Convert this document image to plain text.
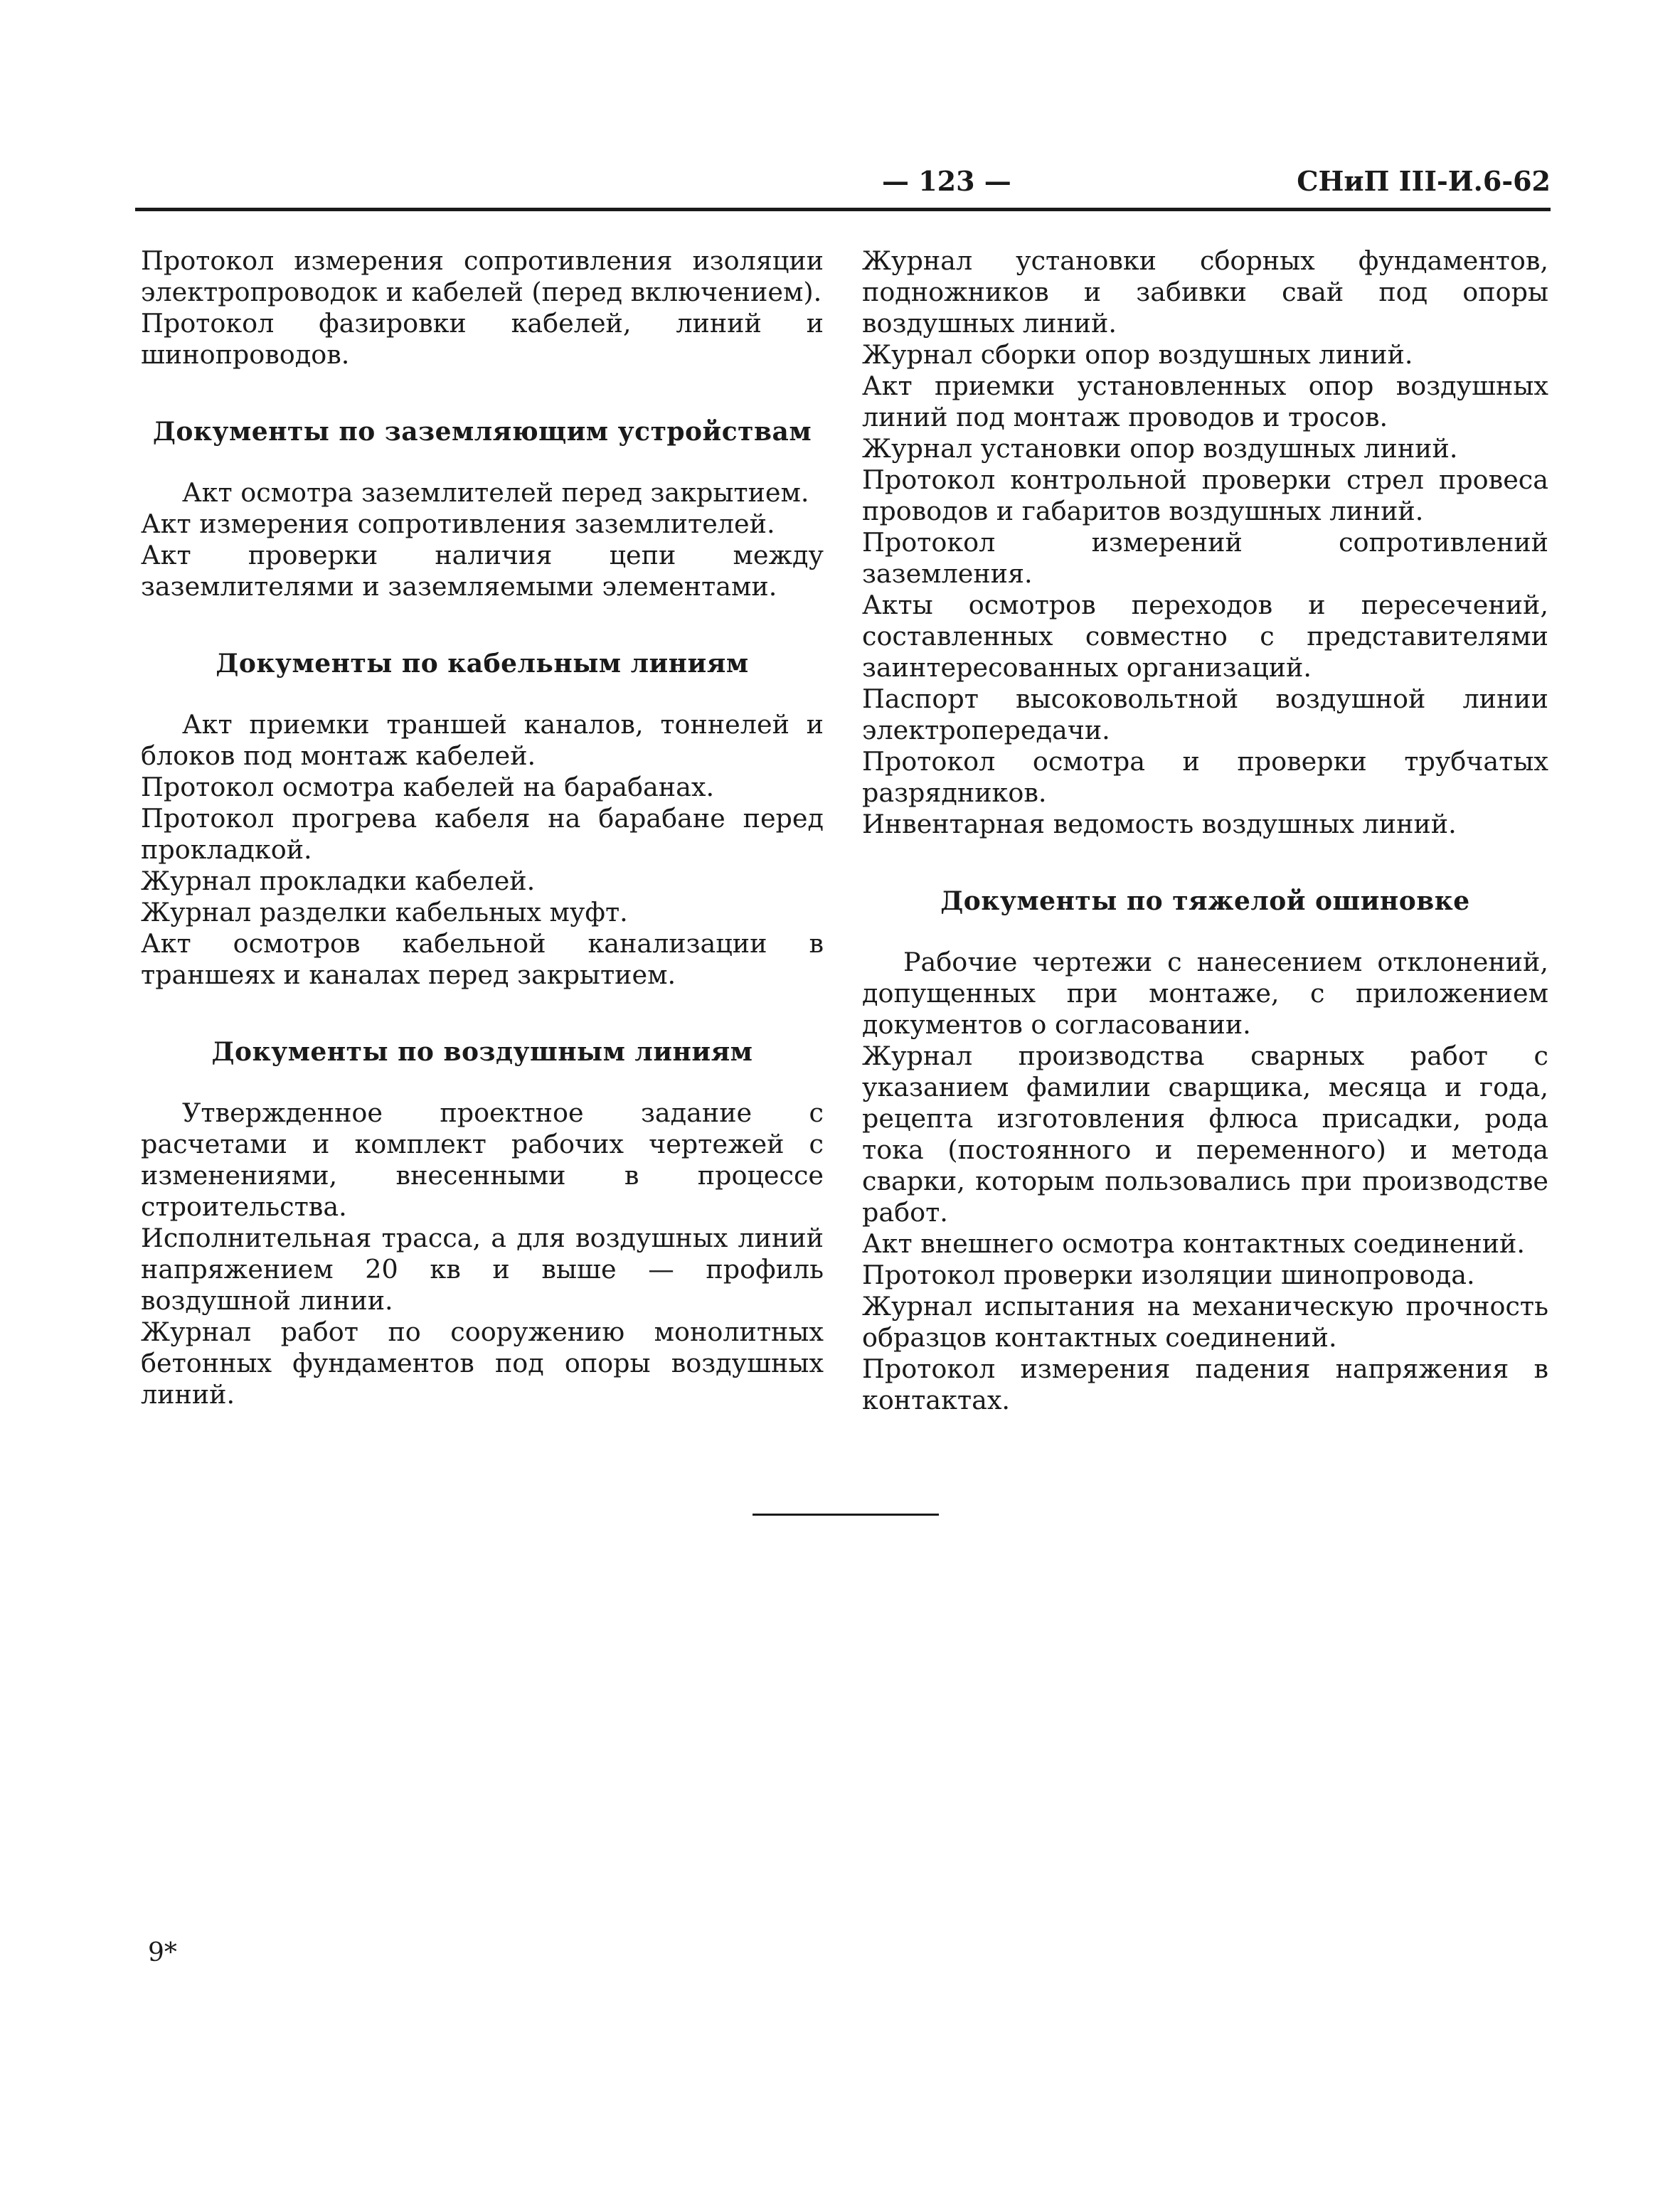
— 123 —	СНиП III-И.6-62

Протокол измерения сопротивления изоляции электропроводок и кабелей (перед включением).

Протокол фазировки кабелей, линий и шинопроводов.

Документы по заземляющим устройствам

Акт осмотра заземлителей перед закрытием.

Акт измерения сопротивления заземлителей.

Акт проверки наличия цепи между заземлителями и заземляемыми элементами.

Документы по кабельным линиям

Акт приемки траншей каналов, тоннелей и блоков под монтаж кабелей.

Протокол осмотра кабелей на барабанах.

Протокол прогрева кабеля на барабане перед прокладкой.

Журнал прокладки кабелей.

Журнал разделки кабельных муфт.

Акт осмотров кабельной канализации в траншеях и каналах перед закрытием.

Документы по воздушным линиям

Утвержденное проектное задание с расчетами и комплект рабочих чертежей с изменениями, внесенными в процессе строительства.

Исполнительная трасса, а для воздушных линий напряжением 20 кв и выше — профиль воздушной линии.

Журнал работ по сооружению монолитных бетонных фундаментов под опоры воздушных линий.

Журнал установки сборных фундаментов, подножников и забивки свай под опоры воздушных линий.

Журнал сборки опор воздушных линий.

Акт приемки установленных опор воздушных линий под монтаж проводов и тросов.

Журнал установки опор воздушных линий.

Протокол контрольной проверки стрел провеса проводов и габаритов воздушных линий.

Протокол измерений сопротивлений заземления.

Акты осмотров переходов и пересечений, составленных совместно с представителями заинтересованных организаций.

Паспорт высоковольтной воздушной линии электропередачи.

Протокол осмотра и проверки трубчатых разрядников.

Инвентарная ведомость воздушных линий.

Документы по тяжелой ошиновке

Рабочие чертежи с нанесением отклонений, допущенных при монтаже, с приложением документов о согласовании.

Журнал производства сварных работ с указанием фамилии сварщика, месяца и года, рецепта изготовления флюса присадки, рода тока (постоянного и переменного) и метода сварки, которым пользовались при производстве работ.

Акт внешнего осмотра контактных соединений.

Протокол проверки изоляции шинопровода.

Журнал испытания на механическую прочность образцов контактных соединений.

Протокол измерения падения напряжения в контактах.

9*
